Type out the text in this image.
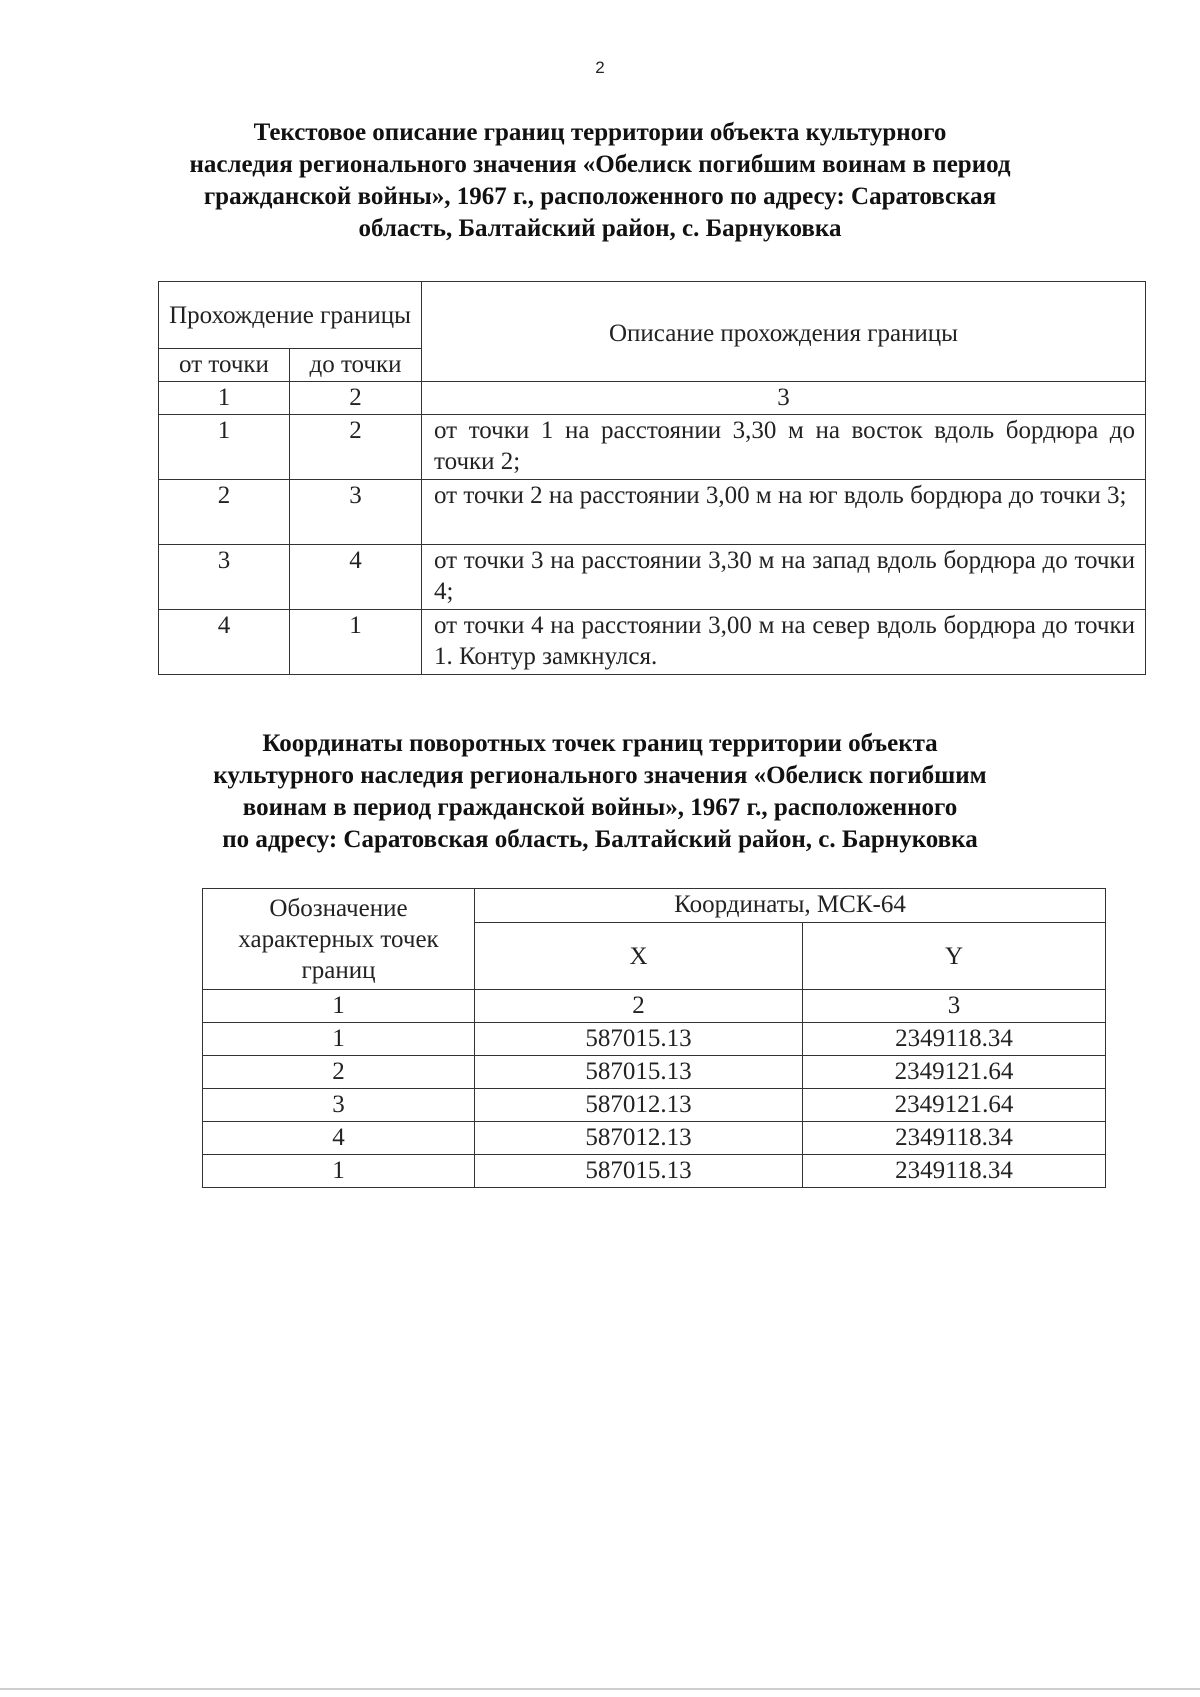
2
Текстовое описание границ территории объекта культурного
наследия регионального значения «Обелиск погибшим воинам в период
гражданской войны», 1967 г., расположенного по адресу: Саратовская
область, Балтайский район, с. Барнуковка
Прохождение границы		Описание прохождения границы
от точки	до точки	
1	2	3
1	2	от точки 1 на расстоянии 3,30 м на восток вдоль бордюра до точки 2;
2	3	от точки 2 на расстоянии 3,00 м на юг вдоль бордюра до точки 3;
3	4	от точки 3 на расстоянии 3,30 м на запад вдоль бордюра до точки 4;
4	1	от точки 4 на расстоянии 3,00 м на север вдоль бордюра до точки 1. Контур замкнулся.
Координаты поворотных точек границ территории объекта
культурного наследия регионального значения «Обелиск погибшим
воинам в период гражданской войны», 1967 г., расположенного
по адресу: Саратовская область, Балтайский район, с. Барнуковка
Обозначение характерных точек границ	Координаты, МСК-64	
	X	Y
1	2	3
1	587015.13	2349118.34
2	587015.13	2349121.64
3	587012.13	2349121.64
4	587012.13	2349118.34
1	587015.13	2349118.34
